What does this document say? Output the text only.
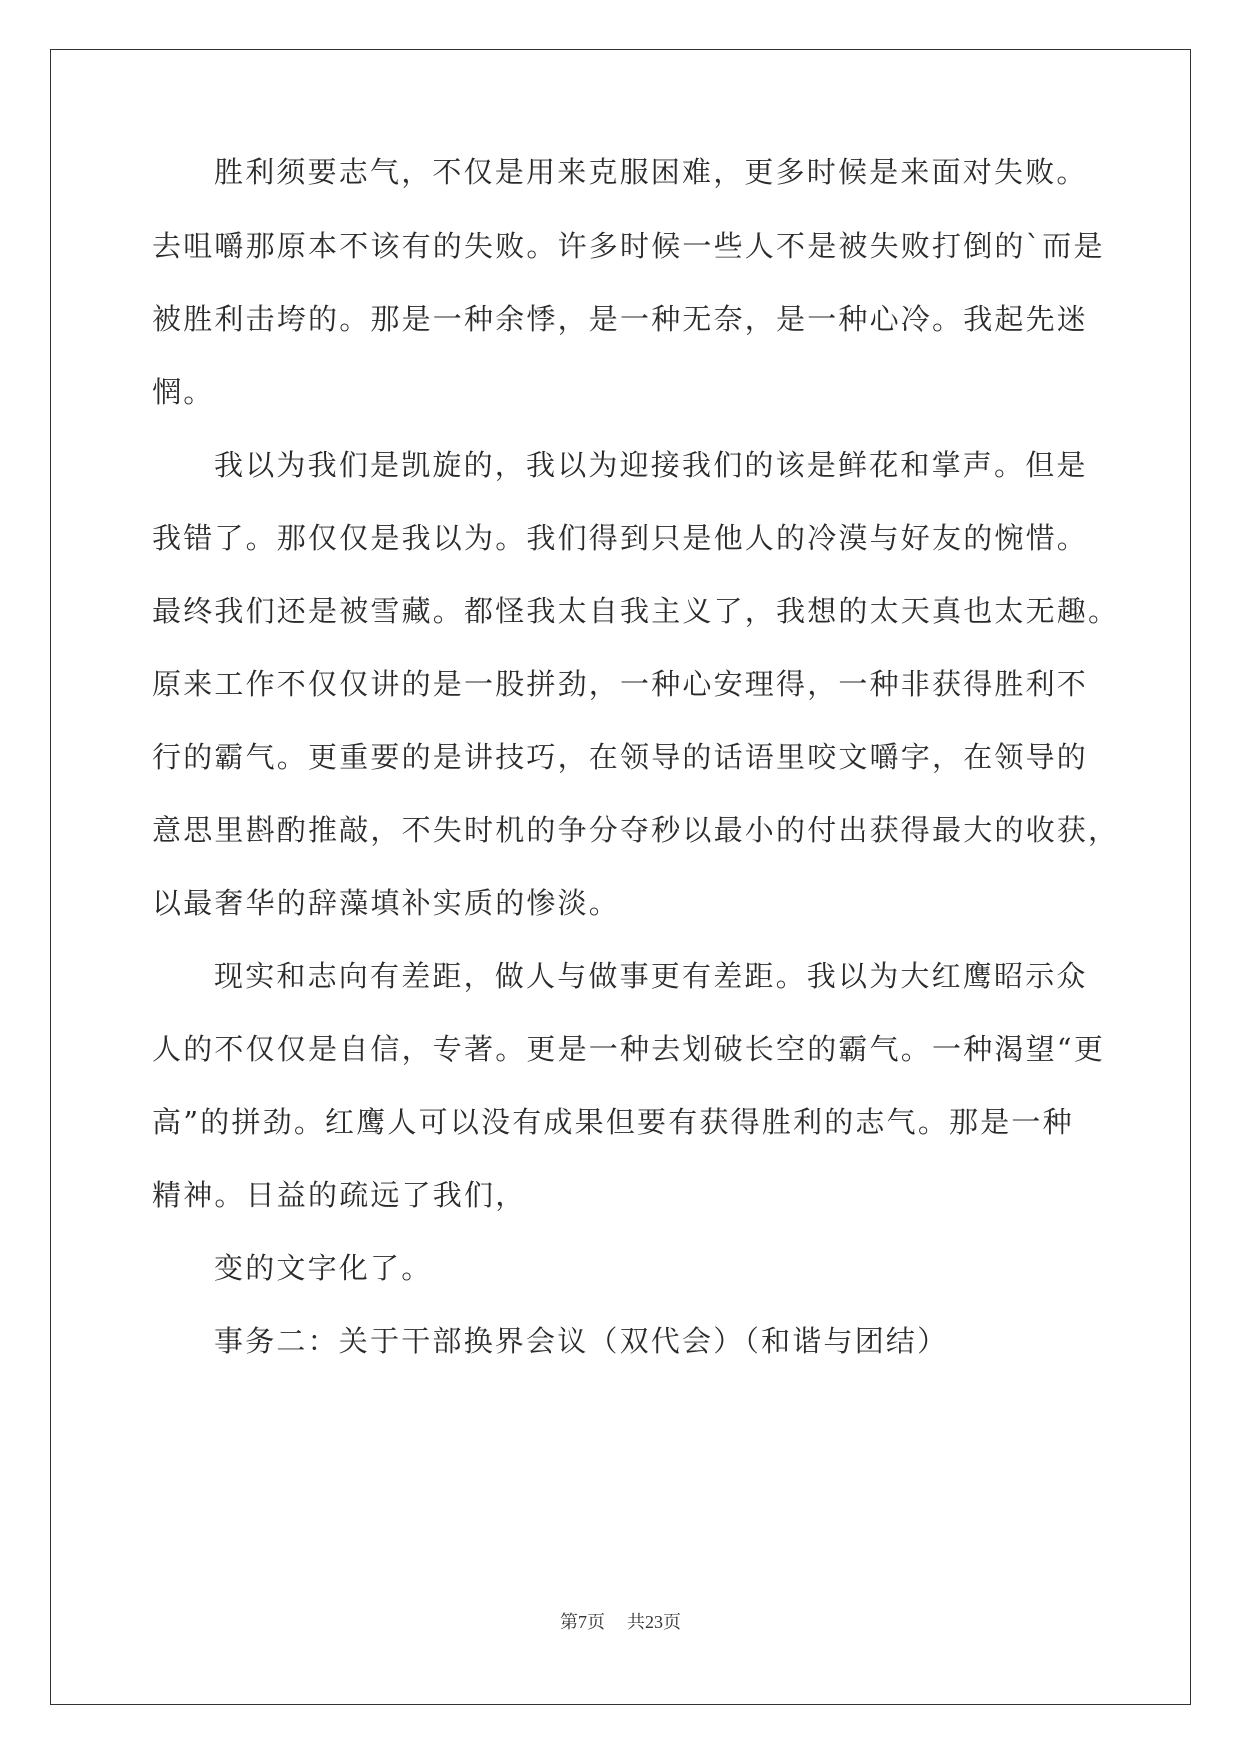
胜利须要志气，不仅是用来克服困难，更多时候是来面对失败。
去咀嚼那原本不该有的失败。许多时候一些人不是被失败打倒的`而是
被胜利击垮的。那是一种余悸，是一种无奈，是一种心冷。我起先迷
惘。
我以为我们是凯旋的，我以为迎接我们的该是鲜花和掌声。但是
我错了。那仅仅是我以为。我们得到只是他人的冷漠与好友的惋惜。
最终我们还是被雪藏。都怪我太自我主义了，我想的太天真也太无趣。
原来工作不仅仅讲的是一股拼劲，一种心安理得，一种非获得胜利不
行的霸气。更重要的是讲技巧，在领导的话语里咬文嚼字，在领导的
意思里斟酌推敲，不失时机的争分夺秒以最小的付出获得最大的收获，
以最奢华的辞藻填补实质的惨淡。
现实和志向有差距，做人与做事更有差距。我以为大红鹰昭示众
人的不仅仅是自信，专著。更是一种去划破长空的霸气。一种渴望“更
高”的拼劲。红鹰人可以没有成果但要有获得胜利的志气。那是一种
精神。日益的疏远了我们，
变的文字化了。
事务二：关于干部换界会议（双代会）（和谐与团结）
第7页 共23页
